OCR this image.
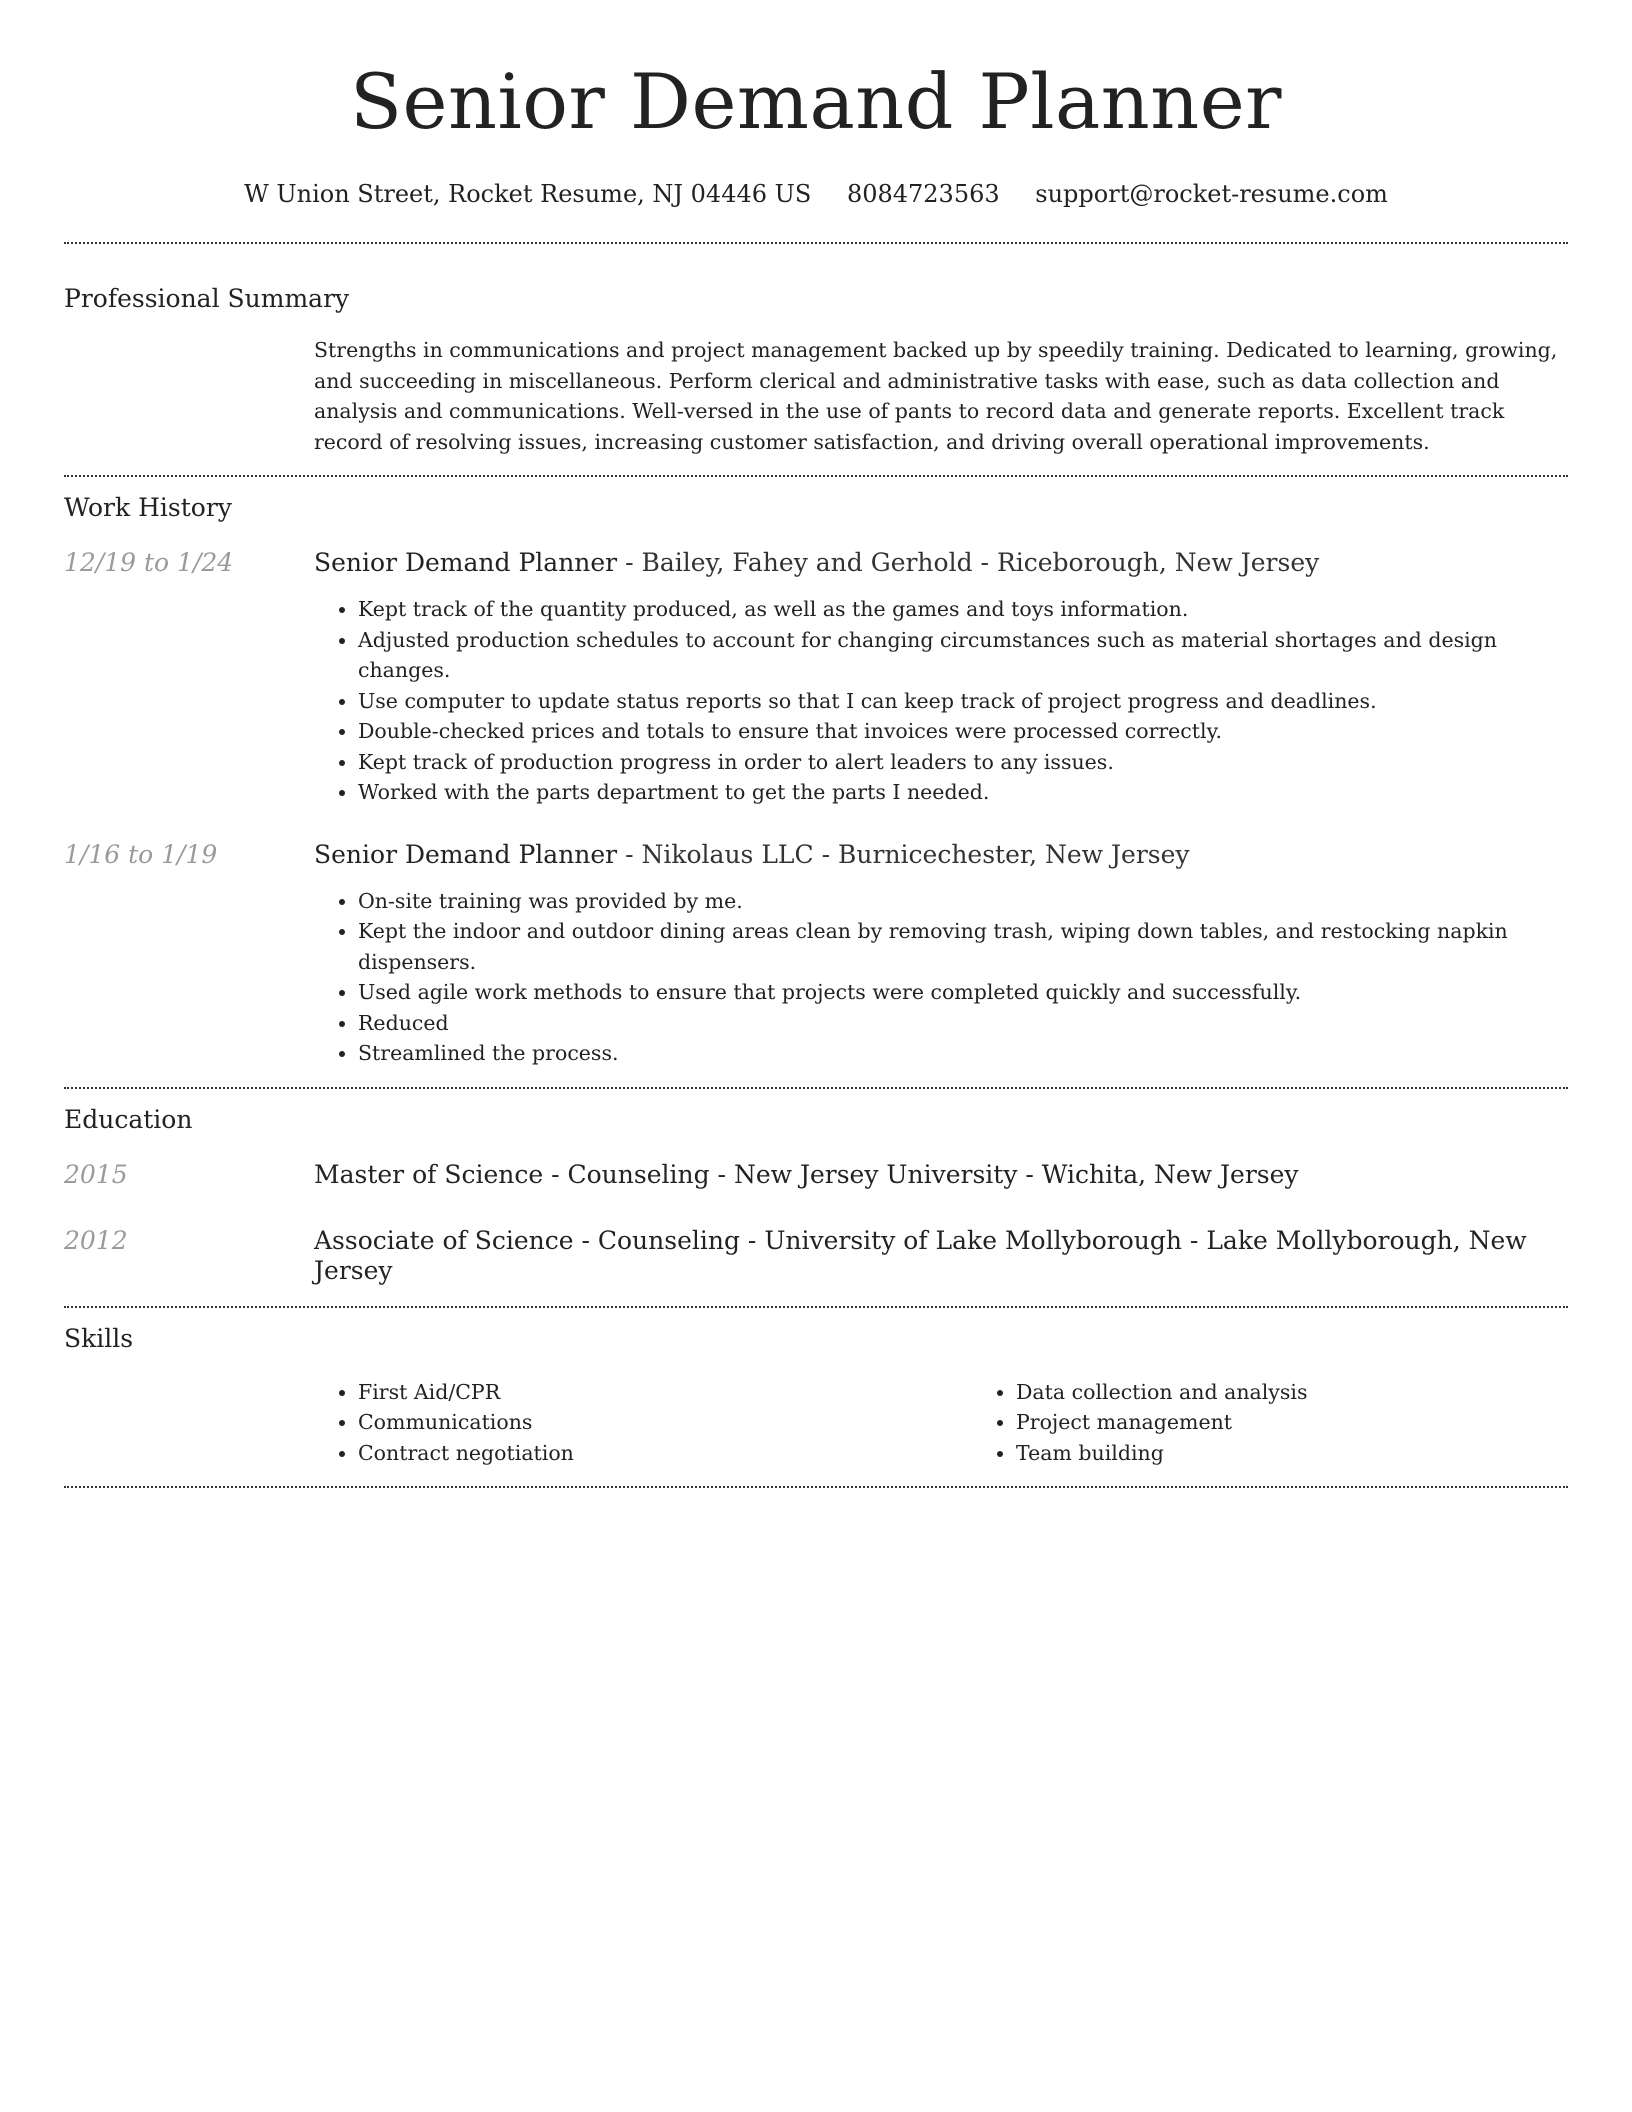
Senior Demand Planner
W Union Street, Rocket Resume, NJ 04446 US 8084723563 support@rocket-resume.com
Professional Summary

Strengths in communications and project management backed up by speedily training. Dedicated to learning, growing, and succeeding in miscellaneous. Perform clerical and administrative tasks with ease, such as data collection and analysis and communications. Well-versed in the use of pants to record data and generate reports. Excellent track record of resolving issues, increasing customer satisfaction, and driving overall operational improvements.

Work History
12/19 to 1/24	Senior Demand Planner - Bailey, Fahey and Gerhold - Riceborough, New Jersey
• Kept track of the quantity produced, as well as the games and toys information.
• Adjusted production schedules to account for changing circumstances such as material shortages and design changes.
• Use computer to update status reports so that I can keep track of project progress and deadlines.
• Double-checked prices and totals to ensure that invoices were processed correctly.
• Kept track of production progress in order to alert leaders to any issues.
• Worked with the parts department to get the parts I needed.
1/16 to 1/19	Senior Demand Planner - Nikolaus LLC - Burnicechester, New Jersey
• On-site training was provided by me.
• Kept the indoor and outdoor dining areas clean by removing trash, wiping down tables, and restocking napkin dispensers.
• Used agile work methods to ensure that projects were completed quickly and successfully.
• Reduced
• Streamlined the process.
Education
2015	Master of Science - Counseling - New Jersey University - Wichita, New Jersey
2012	Associate of Science - Counseling - University of Lake Mollyborough - Lake Mollyborough, New Jersey
Skills
• First Aid/CPR
• Communications
• Contract negotiation
• Data collection and analysis
• Project management
• Team building
